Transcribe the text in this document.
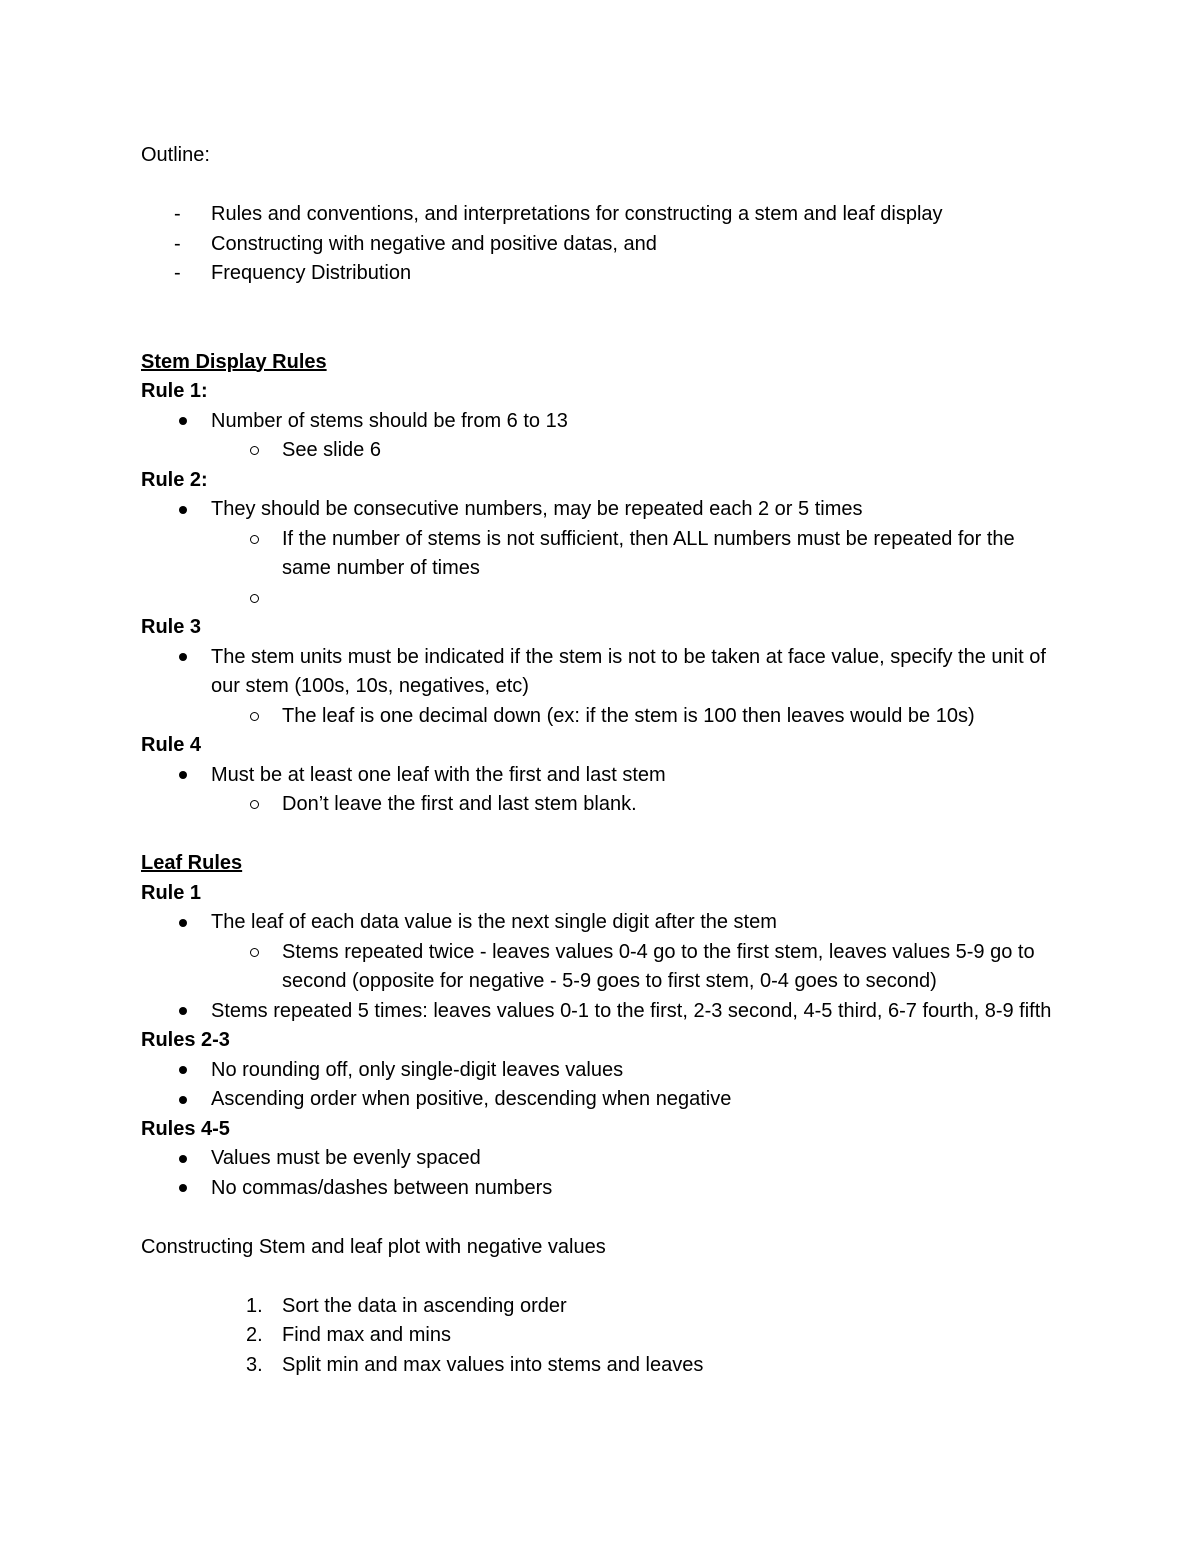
Outline:
- Rules and conventions, and interpretations for constructing a stem and leaf display
- Constructing with negative and positive datas, and
- Frequency Distribution
Stem Display Rules
Rule 1:
Number of stems should be from 6 to 13
See slide 6
Rule 2:
They should be consecutive numbers, may be repeated each 2 or 5 times
If the number of stems is not sufficient, then ALL numbers must be repeated for the same number of times
Rule 3
The stem units must be indicated if the stem is not to be taken at face value, specify the unit of our stem (100s, 10s, negatives, etc)
The leaf is one decimal down (ex: if the stem is 100 then leaves would be 10s)
Rule 4
Must be at least one leaf with the first and last stem
Don’t leave the first and last stem blank.
Leaf Rules
Rule 1
The leaf of each data value is the next single digit after the stem
Stems repeated twice - leaves values 0-4 go to the first stem, leaves values 5-9 go to second (opposite for negative - 5-9 goes to first stem, 0-4 goes to second)
Stems repeated 5 times: leaves values 0-1 to the first, 2-3 second, 4-5 third, 6-7 fourth, 8-9 fifth
Rules 2-3
No rounding off, only single-digit leaves values
Ascending order when positive, descending when negative
Rules 4-5
Values must be evenly spaced
No commas/dashes between numbers
Constructing Stem and leaf plot with negative values
1. Sort the data in ascending order
2. Find max and mins
3. Split min and max values into stems and leaves
